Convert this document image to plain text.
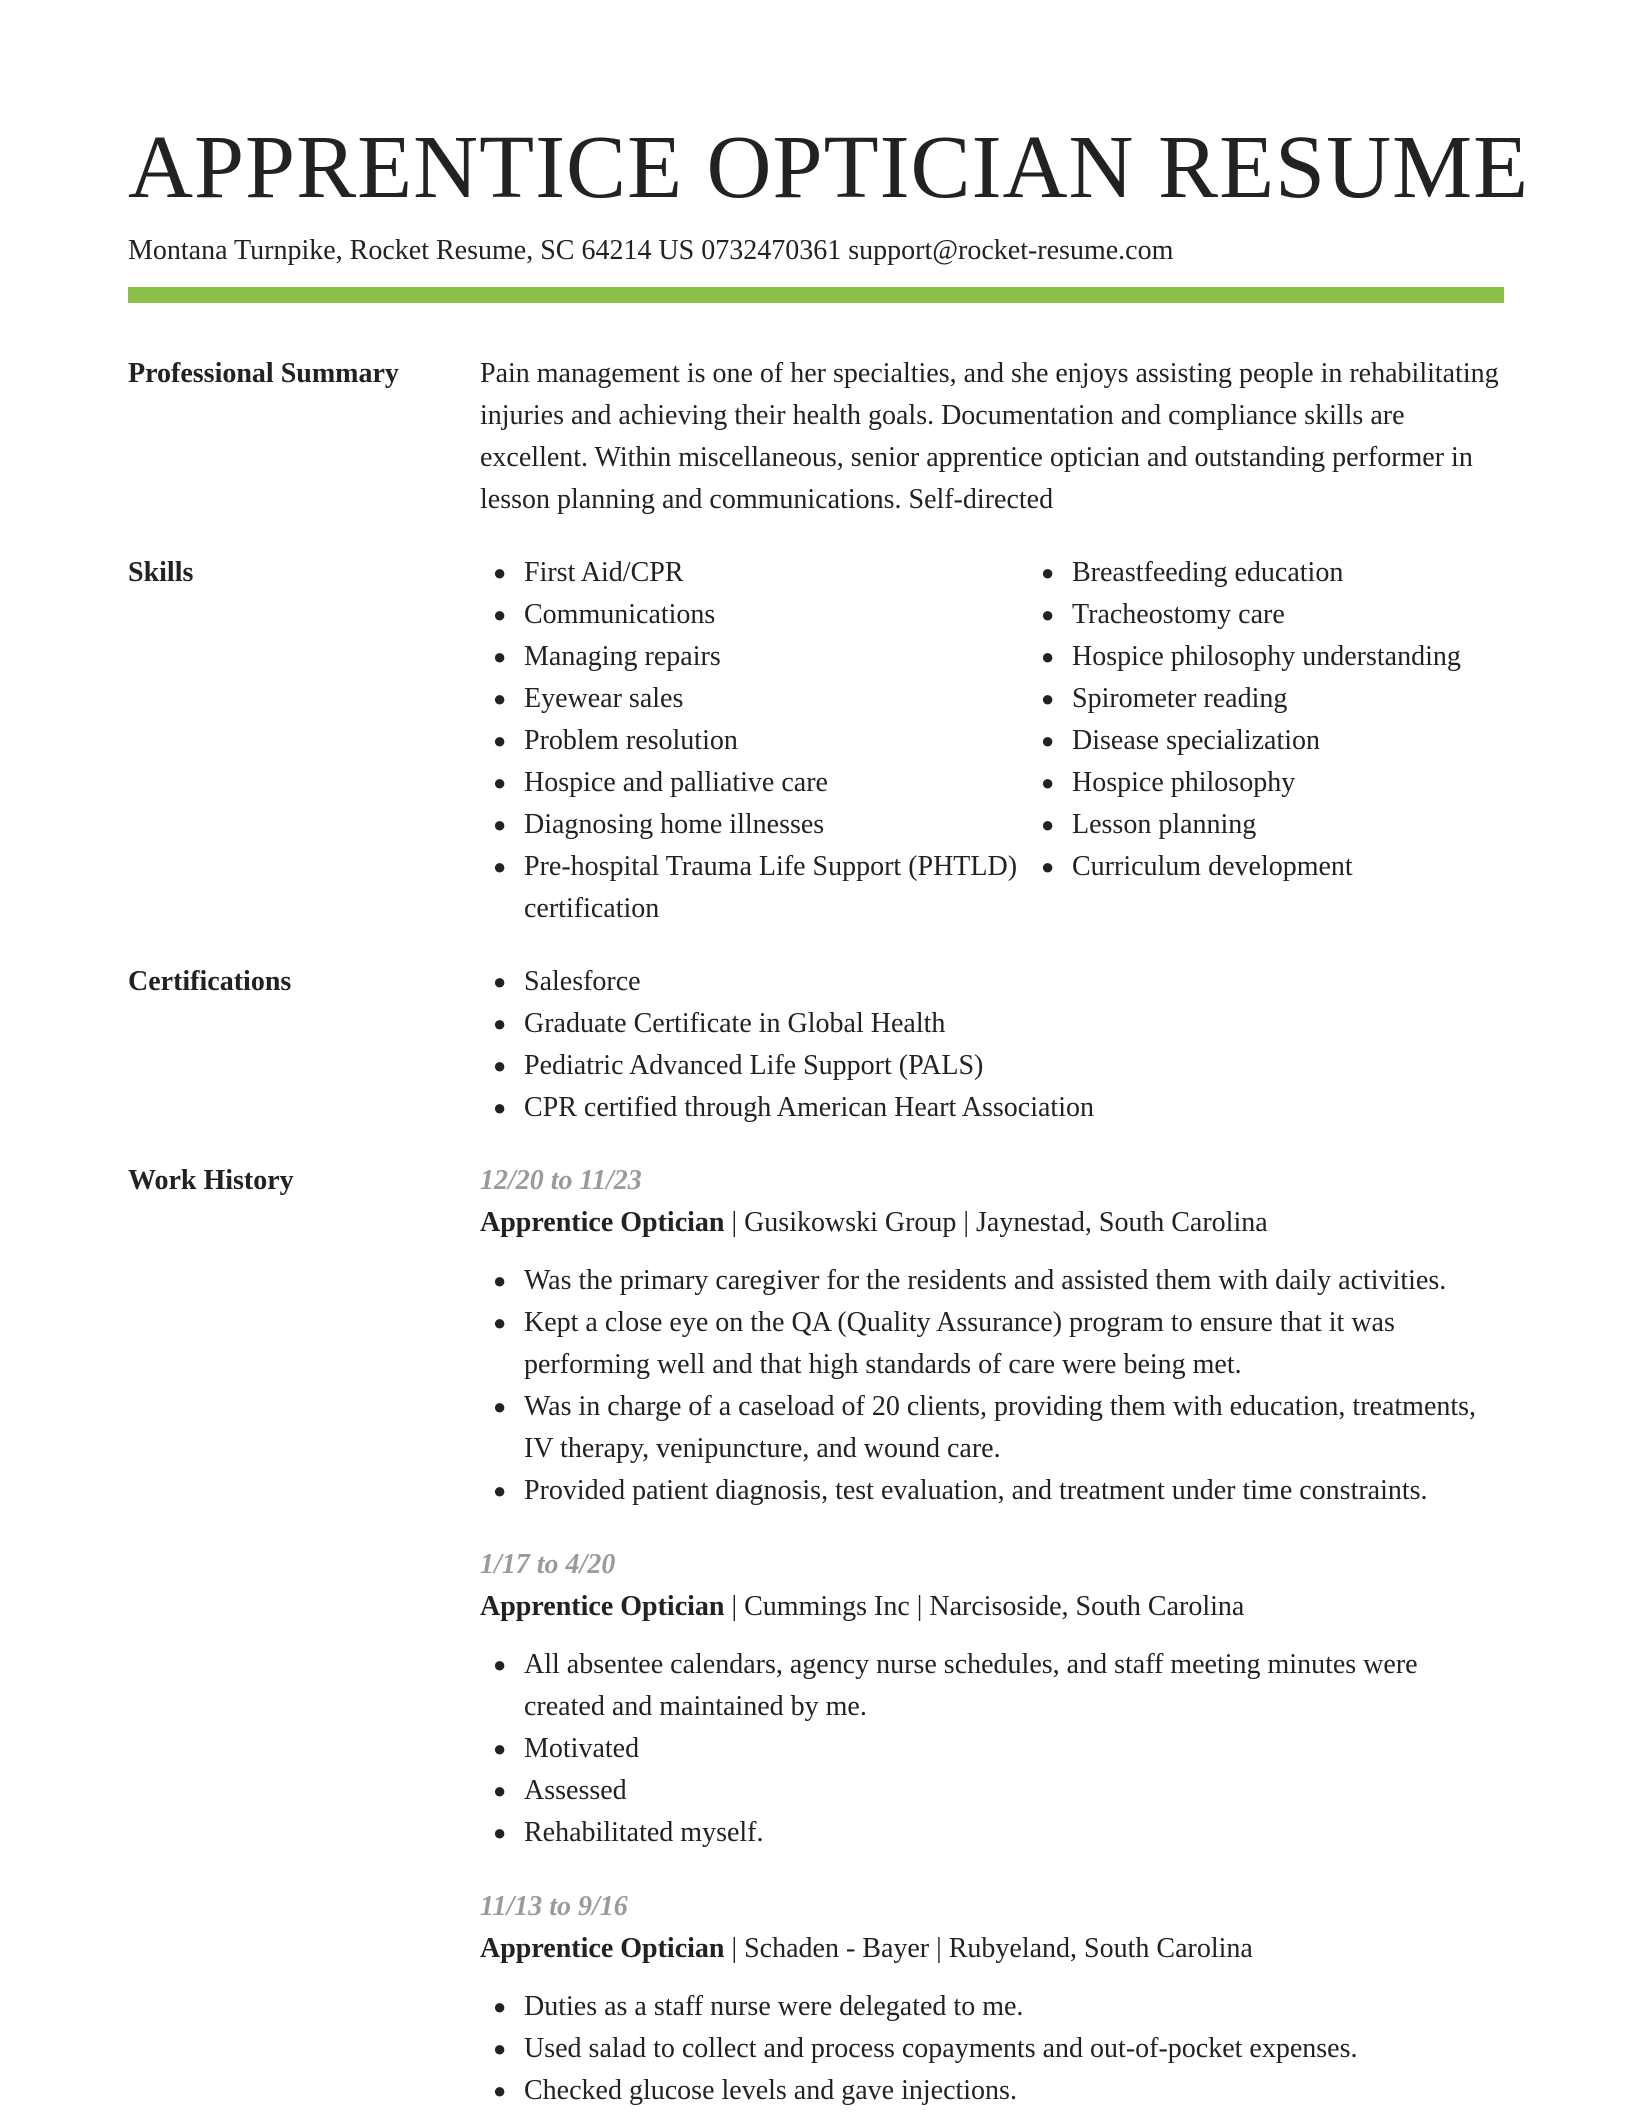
APPRENTICE OPTICIAN RESUME
Montana Turnpike, Rocket Resume, SC 64214 US 0732470361 support@rocket-resume.com
Professional Summary	Pain management is one of her specialties, and she enjoys assisting people in rehabilitating injuries and achieving their health goals. Documentation and compliance skills are excellent. Within miscellaneous, senior apprentice optician and outstanding performer in lesson planning and communications. Self-directed

Skills	● First Aid/CPR
● Communications
● Managing repairs
● Eyewear sales
● Problem resolution
● Hospice and palliative care
● Diagnosing home illnesses
● Pre-hospital Trauma Life Support (PHTLD) certification
● Breastfeeding education
● Tracheostomy care
● Hospice philosophy understanding
● Spirometer reading
● Disease specialization
● Hospice philosophy
● Lesson planning
● Curriculum development
Certifications	● Salesforce
● Graduate Certificate in Global Health
● Pediatric Advanced Life Support (PALS)
● CPR certified through American Heart Association
Work History	12/20 to 11/23
Apprentice Optician | Gusikowski Group | Jaynestad, South Carolina
● Was the primary caregiver for the residents and assisted them with daily activities.
● Kept a close eye on the QA (Quality Assurance) program to ensure that it was performing well and that high standards of care were being met.
● Was in charge of a caseload of 20 clients, providing them with education, treatments, IV therapy, venipuncture, and wound care.
● Provided patient diagnosis, test evaluation, and treatment under time constraints.
1/17 to 4/20
Apprentice Optician | Cummings Inc | Narcisoside, South Carolina
● All absentee calendars, agency nurse schedules, and staff meeting minutes were created and maintained by me.
● Motivated
● Assessed
● Rehabilitated myself.
11/13 to 9/16
Apprentice Optician | Schaden - Bayer | Rubyeland, South Carolina
● Duties as a staff nurse were delegated to me.
● Used salad to collect and process copayments and out-of-pocket expenses.
● Checked glucose levels and gave injections.
